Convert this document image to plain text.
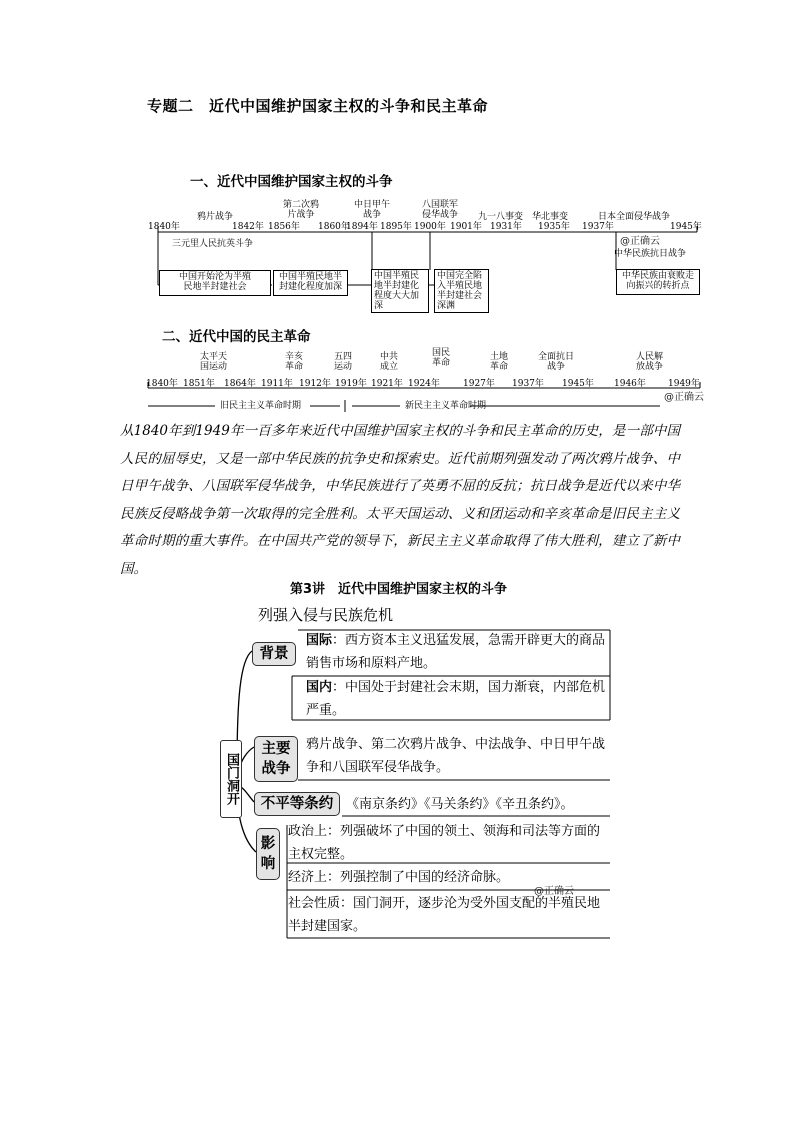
专题二　近代中国维护国家主权的斗争和民主革命
一、近代中国维护国家主权的斗争
鸦片战争
第二次鸦
片战争
中日甲午
战争
八国联军
侵华战争 九一八事变 华北事变	日本全面侵华战争
1840年	1842年 1856年 1860年
1894年 1895年 1900年 1901年 1931年 1935年 1937年	1945年
三元里人民抗英斗争	@正确云
中华民族抗日战争
中国开始沦为半殖
民地半封建社会
中国半殖民地半
封建化程度加深
中国半殖民
地半封建化
程度大大加
深
中国完全陷
入半殖民地
半封建社会
深渊
中华民族由衰败走
向振兴的转折点
二、近代中国的民主革命
太平天
国运动
辛亥
革命
五四
运动
中共
成立
国民
革命
土地
革命
全面抗日
战争
人民解
放战争
1840年 1851年 1864年 1911年 1912年 1919年 1921年 1924年	1927年 1937年 1945年 1946年 1949年
旧民主主义革命时期	新民主主义革命时期
@正确云
从1840年到1949年一百多年来近代中国维护国家主权的斗争和民主革命的历史，是一部中国人民的屈辱史，又是一部中华民族的抗争史和探索史。近代前期列强发动了两次鸦片战争、中日甲午战争、八国联军侵华战争，中华民族进行了英勇不屈的反抗；抗日战争是近代以来中华民族反侵略战争第一次取得的完全胜利。太平天国运动、义和团运动和辛亥革命是旧民主主义革命时期的重大事件。在中国共产党的领导下，新民主主义革命取得了伟大胜利，建立了新中国。
第3讲　近代中国维护国家主权的斗争
列强入侵与民族危机
国门洞开
背景
国际：西方资本主义迅猛发展，急需开辟更大的商品销售市场和原料产地。
国内：中国处于封建社会末期，国力渐衰，内部危机严重。
主要
战争
鸦片战争、第二次鸦片战争、中法战争、中日甲午战争和八国联军侵华战争。
不平等条约 《南京条约》《马关条约》《辛丑条约》。
影
响
政治上：列强破坏了中国的领土、领海和司法等方面的主权完整。
经济上：列强控制了中国的经济命脉。
@正确云
社会性质：国门洞开，逐步沦为受外国支配的半殖民地半封建国家。
